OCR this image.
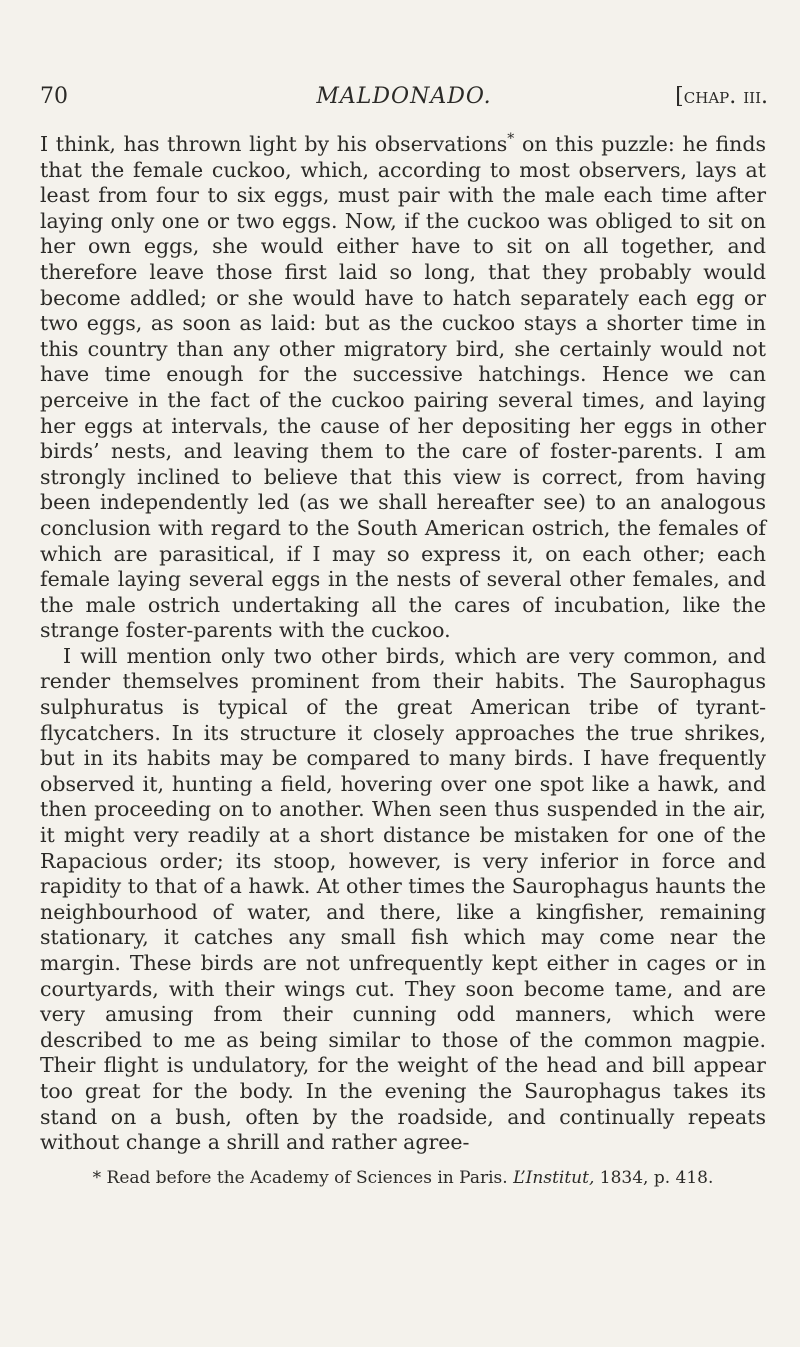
70	MALDONADO.	[chap. iii.

I think, has thrown light by his observations* on this puzzle: he finds that the female cuckoo, which, according to most observers, lays at least from four to six eggs, must pair with the male each time after laying only one or two eggs. Now, if the cuckoo was obliged to sit on her own eggs, she would either have to sit on all together, and therefore leave those first laid so long, that they probably would become addled; or she would have to hatch separately each egg or two eggs, as soon as laid: but as the cuckoo stays a shorter time in this country than any other migratory bird, she certainly would not have time enough for the successive hatchings. Hence we can perceive in the fact of the cuckoo pairing several times, and laying her eggs at intervals, the cause of her depositing her eggs in other birds’ nests, and leaving them to the care of foster-parents. I am strongly inclined to believe that this view is correct, from having been independently led (as we shall hereafter see) to an analogous conclusion with regard to the South American ostrich, the females of which are parasitical, if I may so express it, on each other; each female laying several eggs in the nests of several other females, and the male ostrich undertaking all the cares of incubation, like the strange foster-parents with the cuckoo.

I will mention only two other birds, which are very common, and render themselves prominent from their habits. The Saurophagus sulphuratus is typical of the great American tribe of tyrant-flycatchers. In its structure it closely approaches the true shrikes, but in its habits may be compared to many birds. I have frequently observed it, hunting a field, hovering over one spot like a hawk, and then proceeding on to another. When seen thus suspended in the air, it might very readily at a short distance be mistaken for one of the Rapacious order; its stoop, however, is very inferior in force and rapidity to that of a hawk. At other times the Saurophagus haunts the neighbourhood of water, and there, like a kingfisher, remaining stationary, it catches any small fish which may come near the margin. These birds are not unfrequently kept either in cages or in courtyards, with their wings cut. They soon become tame, and are very amusing from their cunning odd manners, which were described to me as being similar to those of the common magpie. Their flight is undulatory, for the weight of the head and bill appear too great for the body. In the evening the Saurophagus takes its stand on a bush, often by the roadside, and continually repeats without change a shrill and rather agree-

* Read before the Academy of Sciences in Paris. L’Institut, 1834, p. 418.
